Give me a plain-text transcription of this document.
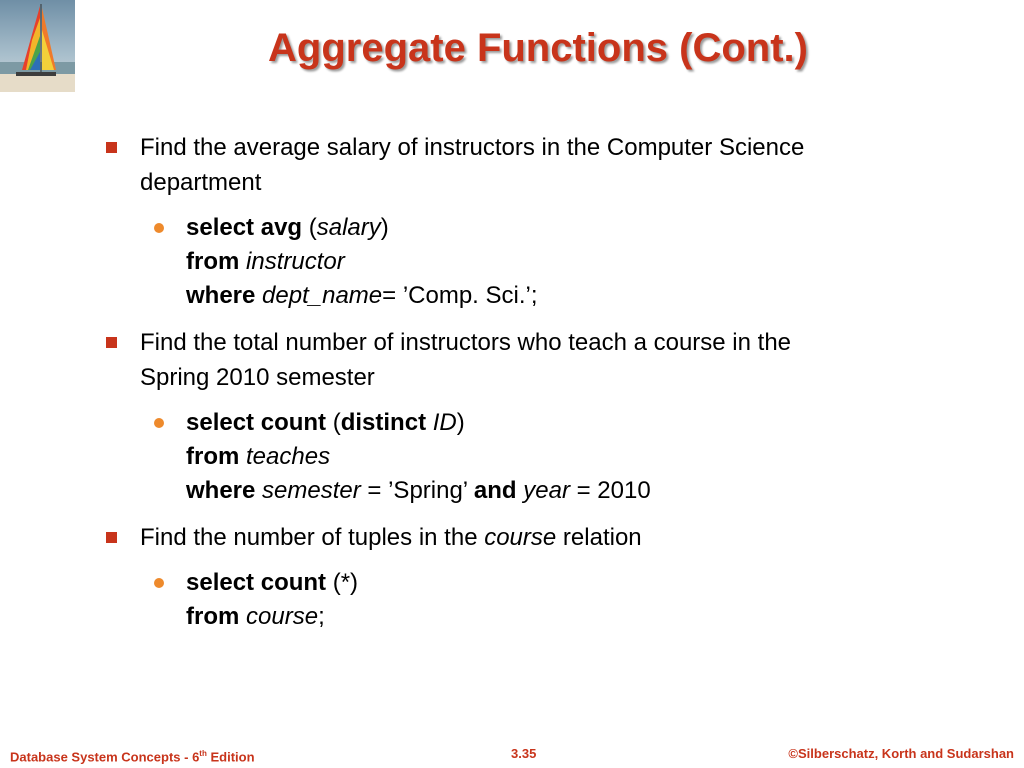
Aggregate Functions (Cont.)
Find the average salary of instructors in the Computer Science
department
select avg (salary)
from instructor
where dept_name= ’Comp. Sci.’;
Find the total number of instructors who teach a course in the
Spring 2010 semester
select count (distinct ID)
from teaches
where semester = ’Spring’ and year = 2010
Find the number of tuples in the course relation
select count (*)
from course;
Database System Concepts - 6th Edition	3.35	©Silberschatz, Korth and Sudarshan
